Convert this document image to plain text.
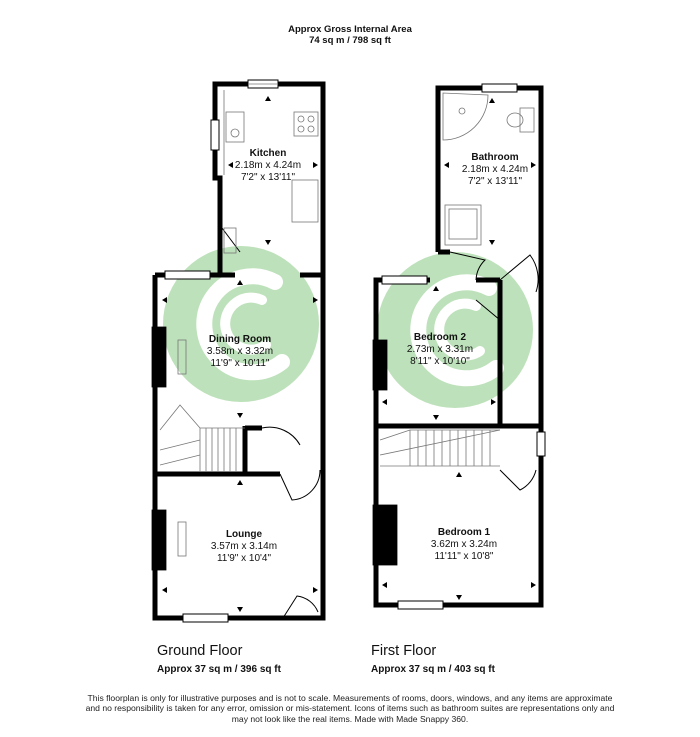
Approx Gross Internal Area
74 sq m / 798 sq ft
Kitchen
2.18m x 4.24m
7'2" x 13'11"
Dining Room
3.58m x 3.32m
11'9" x 10'11"
Lounge
3.57m x 3.14m
11'9" x 10'4"
Bathroom
2.18m x 4.24m
7'2" x 13'11"
Bedroom 2
2.73m x 3.31m
8'11" x 10'10"
Bedroom 1
3.62m x 3.24m
11'11" x 10'8"
Ground Floor
Approx 37 sq m / 396 sq ft
First Floor
Approx 37 sq m / 403 sq ft
This floorplan is only for illustrative purposes and is not to scale. Measurements of rooms, doors, windows, and any items are approximate
and no responsibility is taken for any error, omission or mis-statement. Icons of items such as bathroom suites are representations only and
may not look like the real items. Made with Made Snappy 360.
